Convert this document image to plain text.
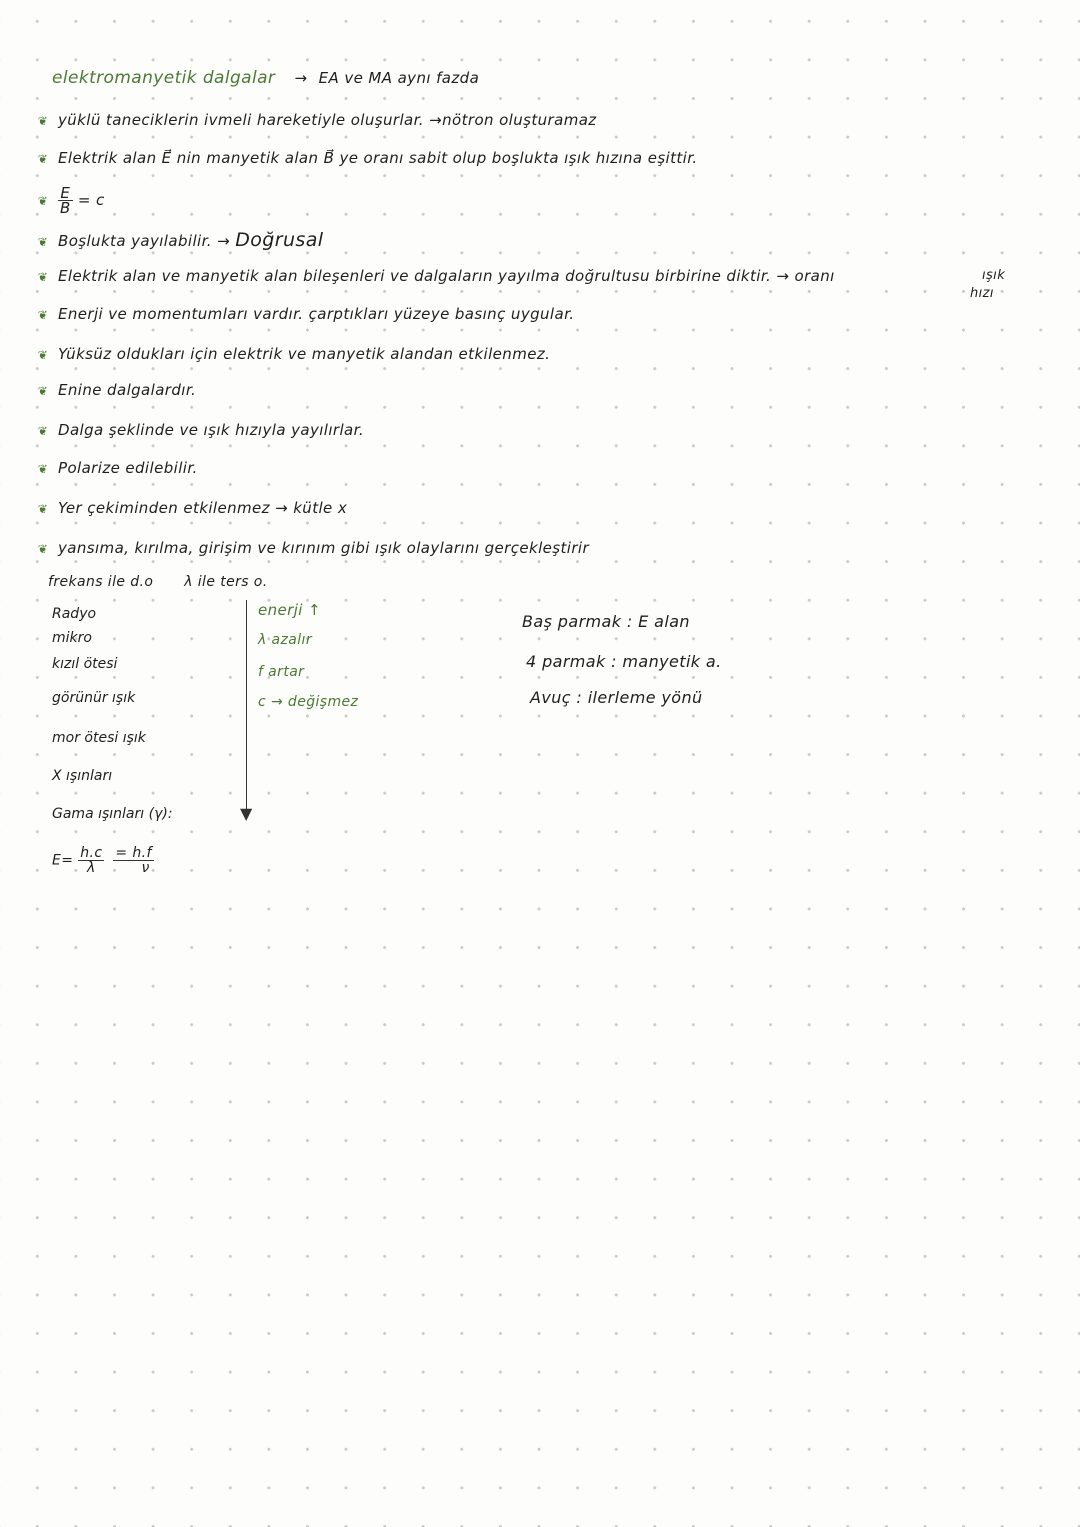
elektromanyetik dalgalar → EA ve MA aynı fazda
❦ yüklü taneciklerin ivmeli hareketiyle oluşurlar. →nötron oluşturamaz
❦ Elektrik alan E⃗ nin manyetik alan B⃗ ye oranı sabit olup boşlukta ışık hızına eşittir.
❦ $\frac{E}{B} = c$
❦ Boşlukta yayılabilir. → Doğrusal
❦ Elektrik alan ve manyetik alan bileşenleri ve dalgaların yayılma doğrultusu birbirine diktir. → oranı	ışık
hızı
❦ Enerji ve momentumları vardır. çarptıkları yüzeye basınç uygular.
❦ Yüksüz oldukları için elektrik ve manyetik alandan etkilenmez.
❦ Enine dalgalardır.
❦ Dalga şeklinde ve ışık hızıyla yayılırlar.
❦ Polarize edilebilir.
❦ Yer çekiminden etkilenmez → kütle x
❦ yansıma, kırılma, girişim ve kırınım gibi ışık olaylarını gerçekleştirir
frekans ile d.o λ ile ters o.
Radyo
mikro
kızıl ötesi
görünür ışık
mor ötesi ışık
X ışınları
Gama ışınları (γ):	▼
enerji ↑
λ azalır
f artar
c → değişmez
$E= \frac{h.c}{\lambda}$
$\frac{= h.f}{\nu}$
Baş parmak : E alan
4 parmak : manyetik a.
Avuç : ilerleme yönü
